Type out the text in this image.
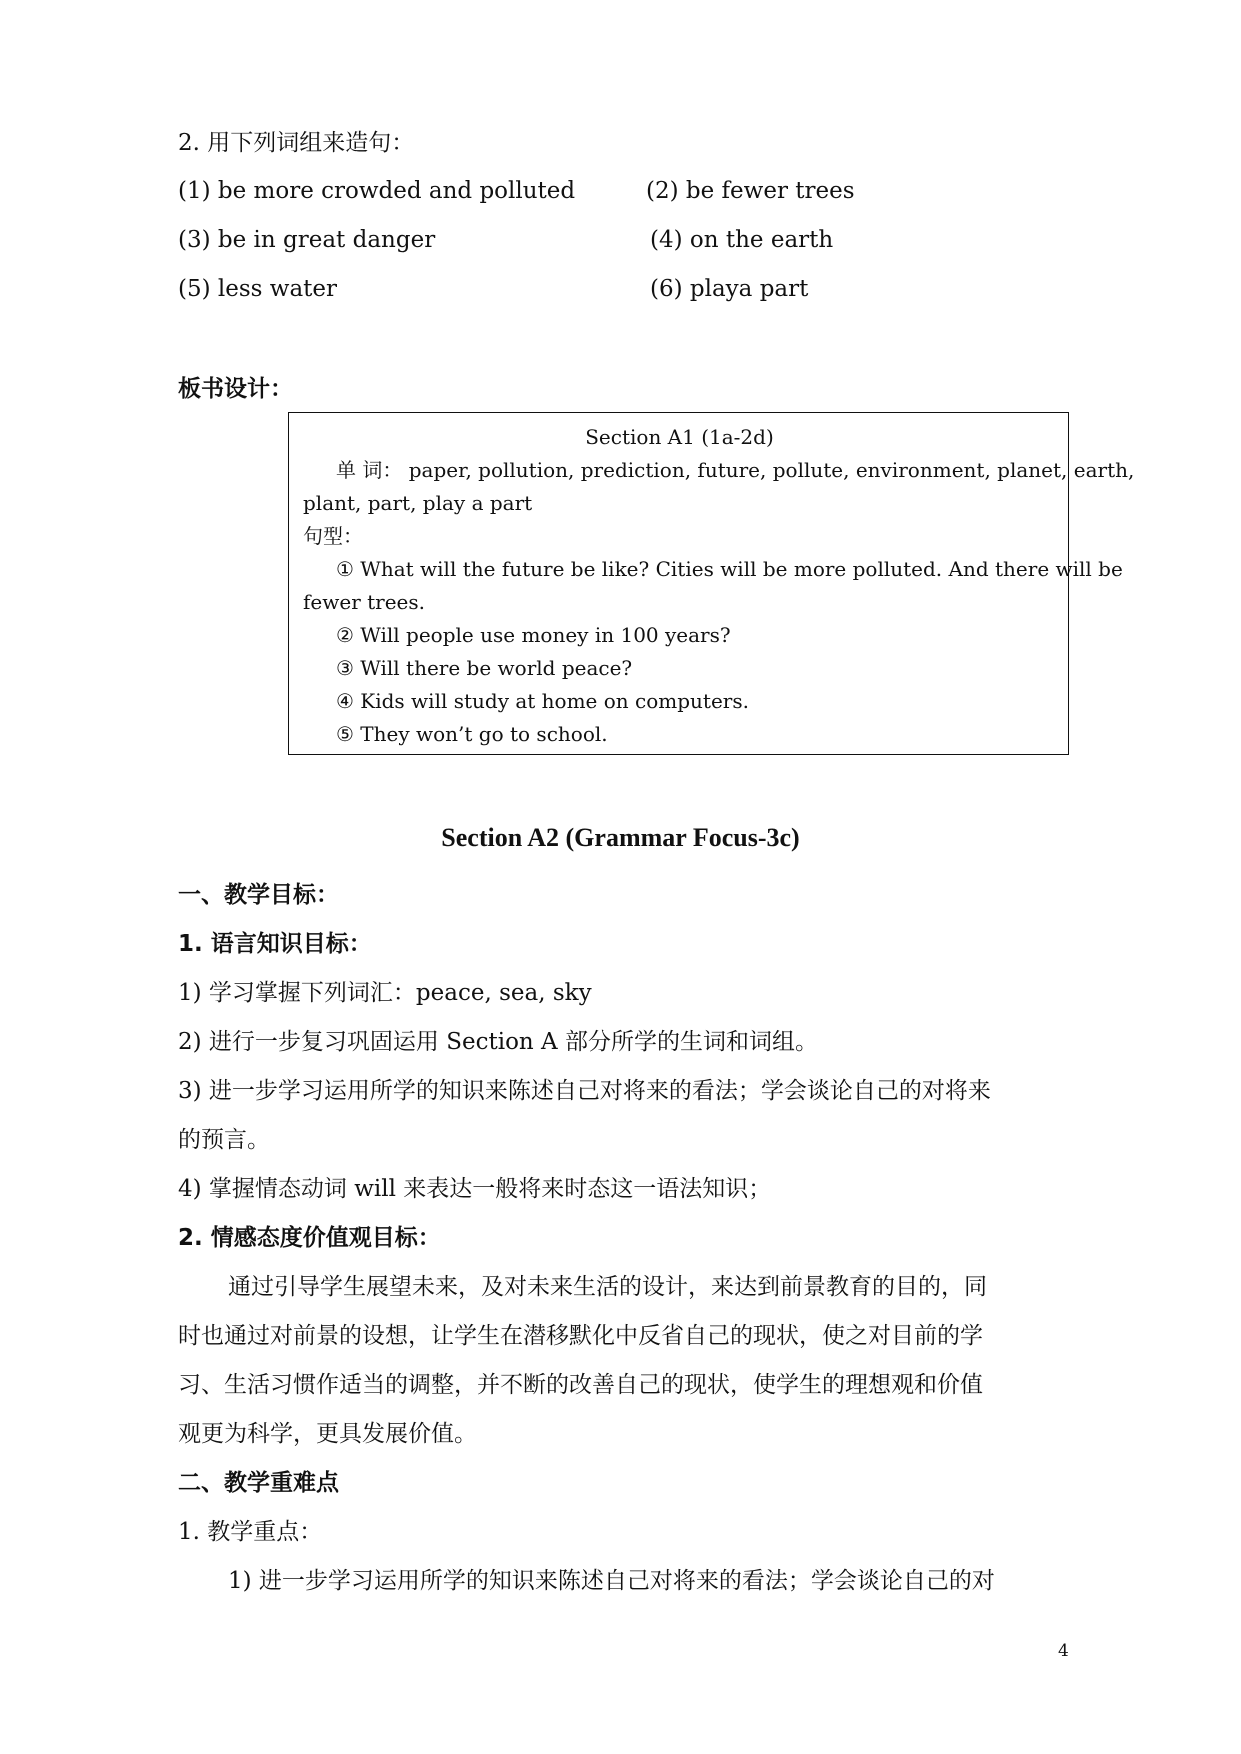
2. 用下列词组来造句：
(1) be more crowded and polluted	(2) be fewer trees
(3) be in great danger	(4) on the earth
(5) less water	(6) playa part
板书设计：
Section A1 (1a-2d)
单 词： paper, pollution, prediction, future, pollute, environment, planet, earth,
plant, part, play a part
句型：
① What will the future be like? Cities will be more polluted. And there will be
fewer trees.
② Will people use money in 100 years?
③ Will there be world peace?
④ Kids will study at home on computers.
⑤ They won’t go to school.
Section A2 (Grammar Focus-3c)
一、教学目标：
1. 语言知识目标：
1) 学习掌握下列词汇：peace, sea, sky
2) 进行一步复习巩固运用 Section A 部分所学的生词和词组。
3) 进一步学习运用所学的知识来陈述自己对将来的看法；学会谈论自己的对将来
的预言。
4) 掌握情态动词 will 来表达一般将来时态这一语法知识；
2. 情感态度价值观目标：
通过引导学生展望未来，及对未来生活的设计，来达到前景教育的目的，同
时也通过对前景的设想，让学生在潜移默化中反省自己的现状，使之对目前的学
习、生活习惯作适当的调整，并不断的改善自己的现状，使学生的理想观和价值
观更为科学，更具发展价值。
二、教学重难点
1. 教学重点：
1) 进一步学习运用所学的知识来陈述自己对将来的看法；学会谈论自己的对
4
